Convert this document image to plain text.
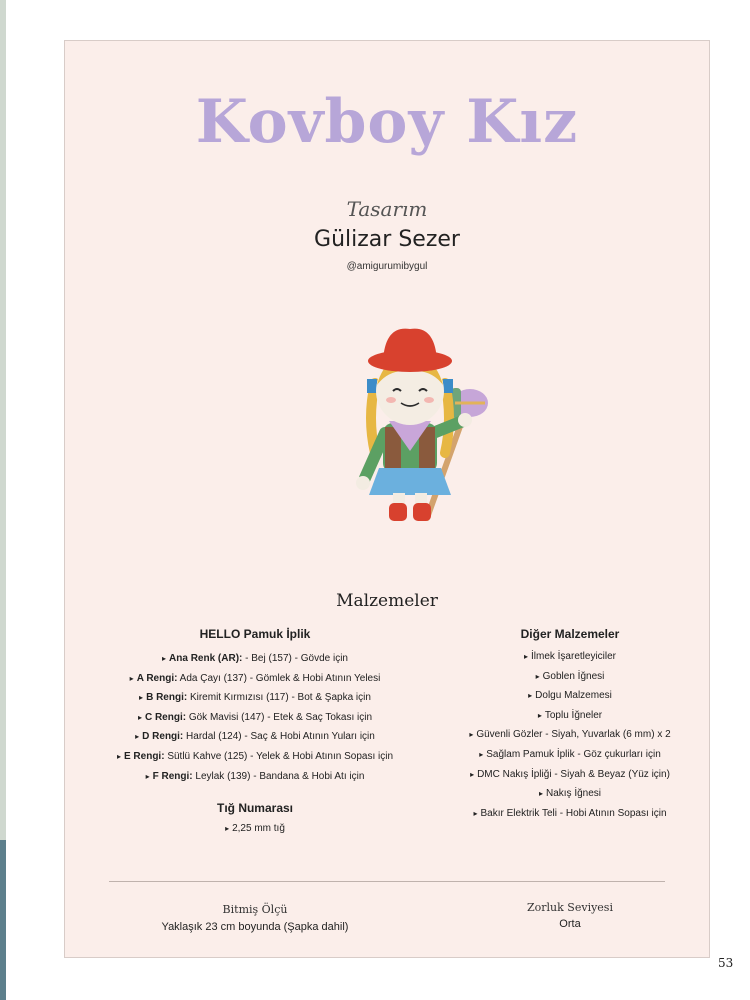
Kovboy Kız
Tasarım
Gülizar Sezer
@amigurumibygul
Malzemeler
HELLO Pamuk İplik
▸ Ana Renk (AR): - Bej (157) - Gövde için
▸ A Rengi: Ada Çayı (137) - Gömlek & Hobi Atının Yelesi
▸ B Rengi: Kiremit Kırmızısı (117) - Bot & Şapka için
▸ C Rengi: Gök Mavisi (147) - Etek & Saç Tokası için
▸ D Rengi: Hardal (124) - Saç & Hobi Atının Yuları için
▸ E Rengi: Sütlü Kahve (125) - Yelek & Hobi Atının Sopası için
▸ F Rengi: Leylak (139) - Bandana & Hobi Atı için
Tığ Numarası
▸ 2,25 mm tığ
Diğer Malzemeler
▸ İlmek İşaretleyiciler
▸ Goblen İğnesi
▸ Dolgu Malzemesi
▸ Toplu İğneler
▸ Güvenli Gözler - Siyah, Yuvarlak (6 mm) x 2
▸ Sağlam Pamuk İplik - Göz çukurları için
▸ DMC Nakış İpliği - Siyah & Beyaz (Yüz için)
▸ Nakış İğnesi
▸ Bakır Elektrik Teli - Hobi Atının Sopası için
Bitmiş Ölçü
Yaklaşık 23 cm boyunda (Şapka dahil)
Zorluk Seviyesi
Orta
53
